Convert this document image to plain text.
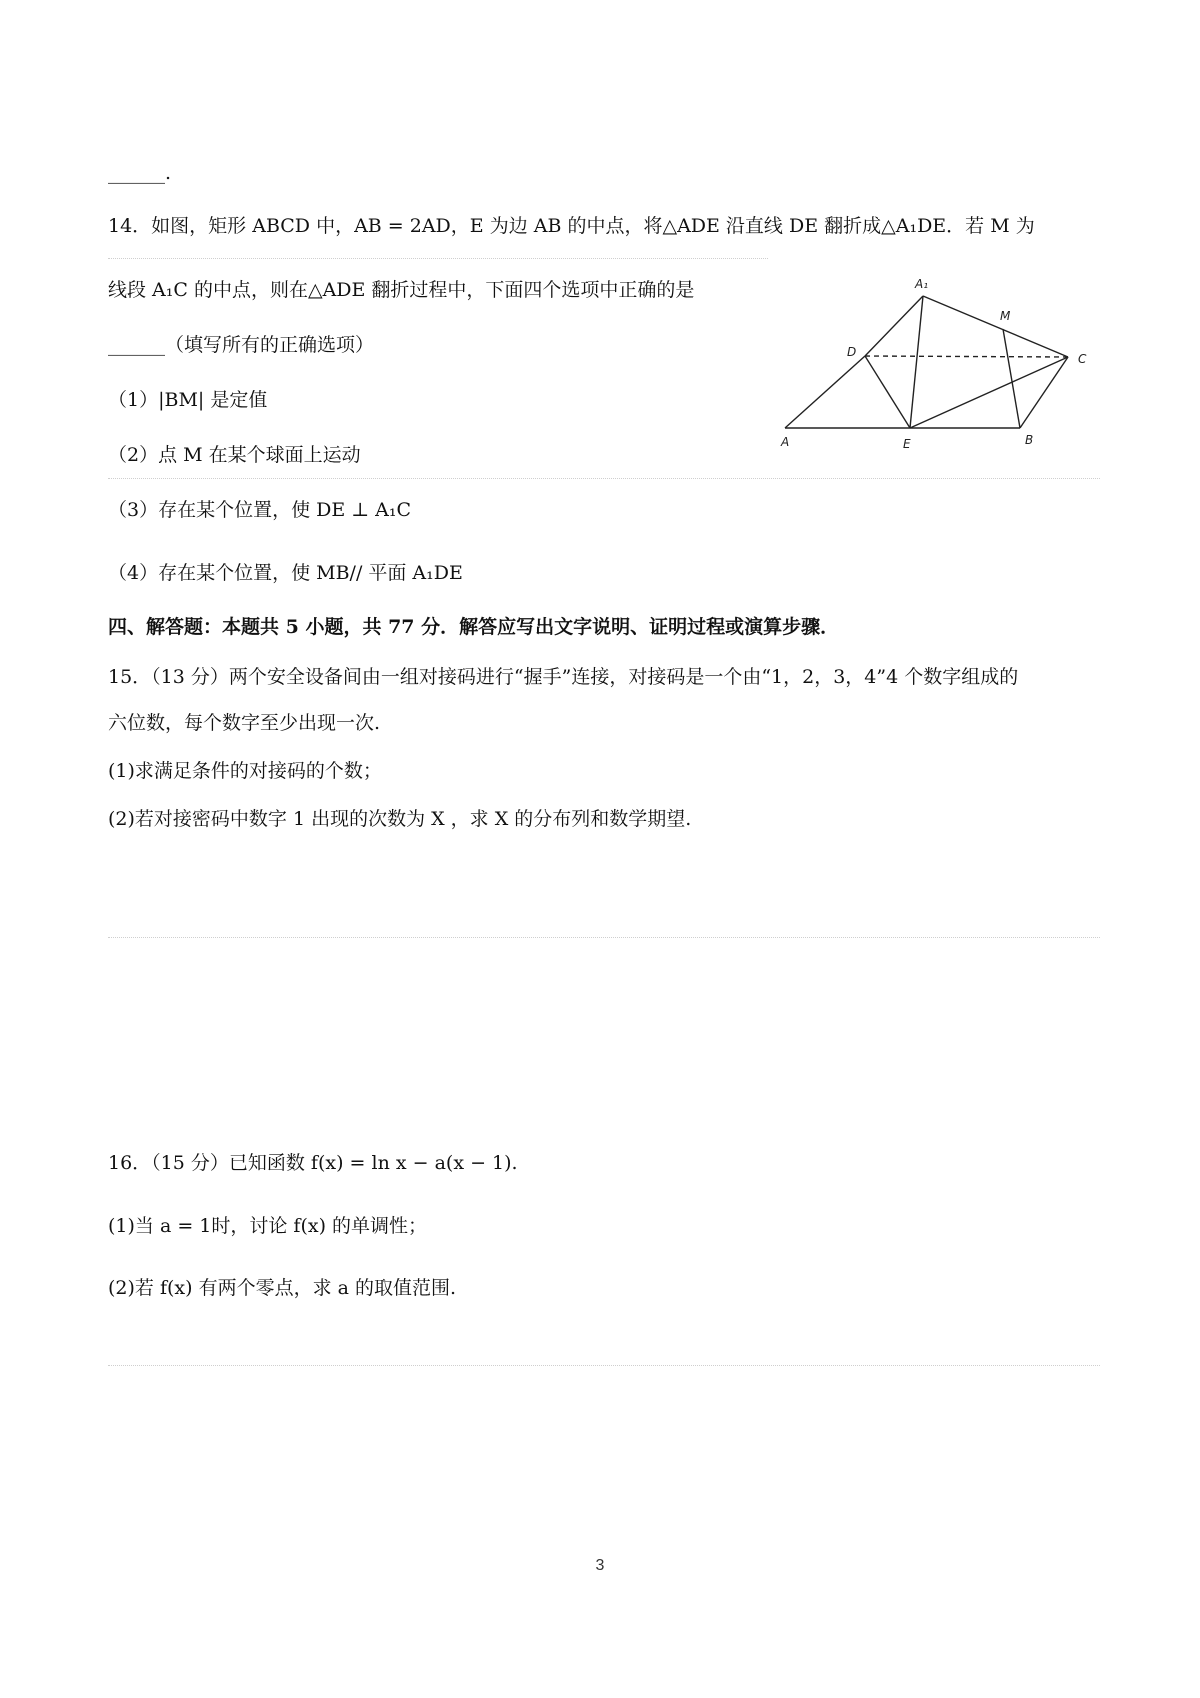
______.
14．如图，矩形 ABCD 中，AB = 2AD，E 为边 AB 的中点，将△ADE 沿直线 DE 翻折成△A₁DE．若 M 为
线段 A₁C 的中点，则在△ADE 翻折过程中，下面四个选项中正确的是
______（填写所有的正确选项）
（1）|BM| 是定值
（2）点 M 在某个球面上运动
（3）存在某个位置，使 DE ⊥ A₁C
（4）存在某个位置，使 MB// 平面 A₁DE
A₁
M
D	C
A	E	B
四、解答题：本题共 5 小题，共 77 分．解答应写出文字说明、证明过程或演算步骤．
15．（13 分）两个安全设备间由一组对接码进行“握手”连接，对接码是一个由“1，2，3，4”4 个数字组成的
六位数，每个数字至少出现一次.
(1)求满足条件的对接码的个数；
(2)若对接密码中数字 1 出现的次数为 X ，求 X 的分布列和数学期望.
16．（15 分）已知函数 f(x) = ln x − a(x − 1).
(1)当 a = 1时，讨论 f(x) 的单调性；
(2)若 f(x) 有两个零点，求 a 的取值范围.
3
